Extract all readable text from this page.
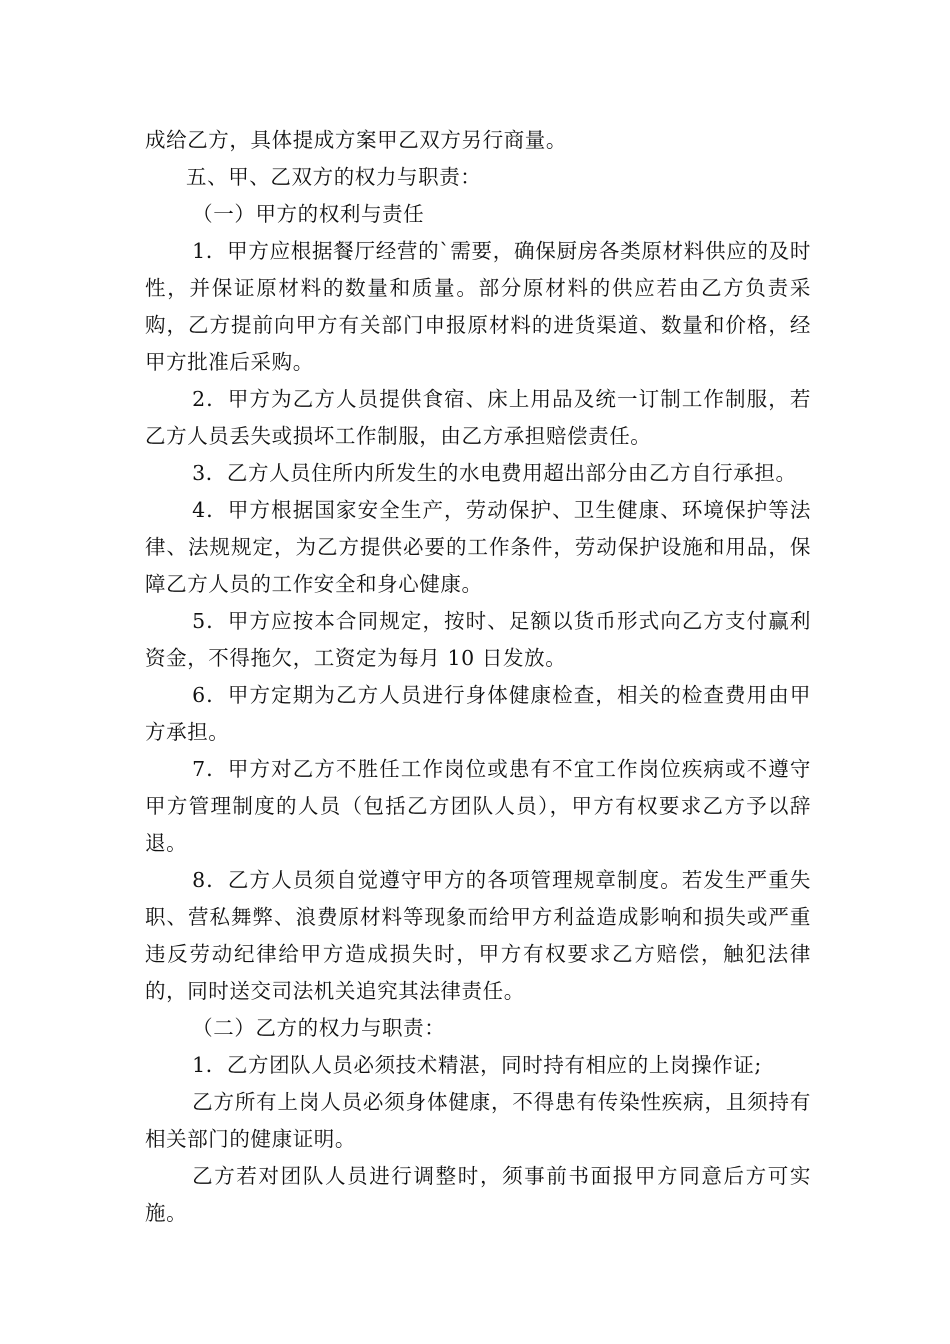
成给乙方，具体提成方案甲乙双方另行商量。

五、甲、乙双方的权力与职责：

（一）甲方的权利与责任

1．甲方应根据餐厅经营的`需要，确保厨房各类原材料供应的及时性，并保证原材料的数量和质量。部分原材料的供应若由乙方负责采购，乙方提前向甲方有关部门申报原材料的进货渠道、数量和价格，经甲方批准后采购。

2．甲方为乙方人员提供食宿、床上用品及统一订制工作制服，若乙方人员丢失或损坏工作制服，由乙方承担赔偿责任。

3．乙方人员住所内所发生的水电费用超出部分由乙方自行承担。

4．甲方根据国家安全生产，劳动保护、卫生健康、环境保护等法律、法规规定，为乙方提供必要的工作条件，劳动保护设施和用品，保障乙方人员的工作安全和身心健康。

5．甲方应按本合同规定，按时、足额以货币形式向乙方支付赢利资金，不得拖欠，工资定为每月 10 日发放。

6．甲方定期为乙方人员进行身体健康检查，相关的检查费用由甲方承担。

7．甲方对乙方不胜任工作岗位或患有不宜工作岗位疾病或不遵守甲方管理制度的人员（包括乙方团队人员），甲方有权要求乙方予以辞退。

8．乙方人员须自觉遵守甲方的各项管理规章制度。若发生严重失职、营私舞弊、浪费原材料等现象而给甲方利益造成影响和损失或严重违反劳动纪律给甲方造成损失时，甲方有权要求乙方赔偿，触犯法律的，同时送交司法机关追究其法律责任。

（二）乙方的权力与职责：

1．乙方团队人员必须技术精湛，同时持有相应的上岗操作证;

乙方所有上岗人员必须身体健康，不得患有传染性疾病，且须持有相关部门的健康证明。

乙方若对团队人员进行调整时，须事前书面报甲方同意后方可实施。
